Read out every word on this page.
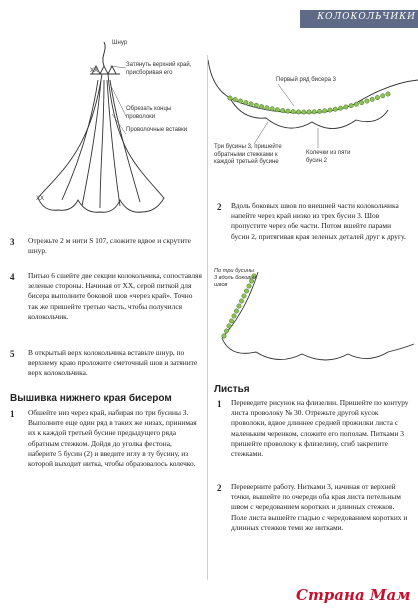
КОЛОКОЛЬЧИКИ
Шнур
XX
Затянуть верхний край, присборивая его
Обрезать концы проволоки
Проволочные вставки
XX
Первый ряд бисера 3
Три бусины 3, пришейте обратными стежками к каждой третьей бусине
Колечки из пяти бусин 2
2 Вдоль боковых швов по внешней части колокольчика напейте через край низко из трех бусин 3. Шов пропустите через обе части. Потом вшейте парами бусин 2, притягивая края зеленых деталей друг к другу.
По три бусины 3 вдоль боковых швов
3 Отрежьте 2 м нити S 107, сложите вдвое и скрутите шнур.
4 Питью 6 сшейте две секции колокольчика, сопоставляя зеленые стороны. Начиная от XX, серой питкой для бисера выполните боковой шов «через край». Точно так же пришейте третью часть, чтобы получился колокольчик.
5 В открытый верх колокольчика вставьте шнур, по верхнему краю проложите сметочный шов и затяните верх колокольчика.
Вышивка нижнего края бисером
1 Обшейте низ через край, набирая по три бусины 3. Выполните еще один ряд в таких же низах, принимая их к каждой третьей бусине предыдущего ряда обратным стежком. Дойдя до уголка фестона, наберите 5 бусин (2) и введите иглу в ту бусину, из которой выходит нитка, чтобы образовалось колечко.
Листья
1 Переведите рисунок на флизелин. Пришейте по контуру листа проволоку № 30. Отрежьте другой кусок проволоки, вдвое длиннее средней прожилки листа с маленьким черенком, сложите его пополам. Питками 3 пришейте проволоку к флизелину, сгиб закрепите стежками.
2 Переверните работу. Нитками 3, начиная от верхней точки, вышейте по очереди оба края листа петельным швом с чередованием коротких и длинных стежков. Поле листа вышейте гладью с чередованием коротких и длинных стежков теми же нитками.
Страна Мам
